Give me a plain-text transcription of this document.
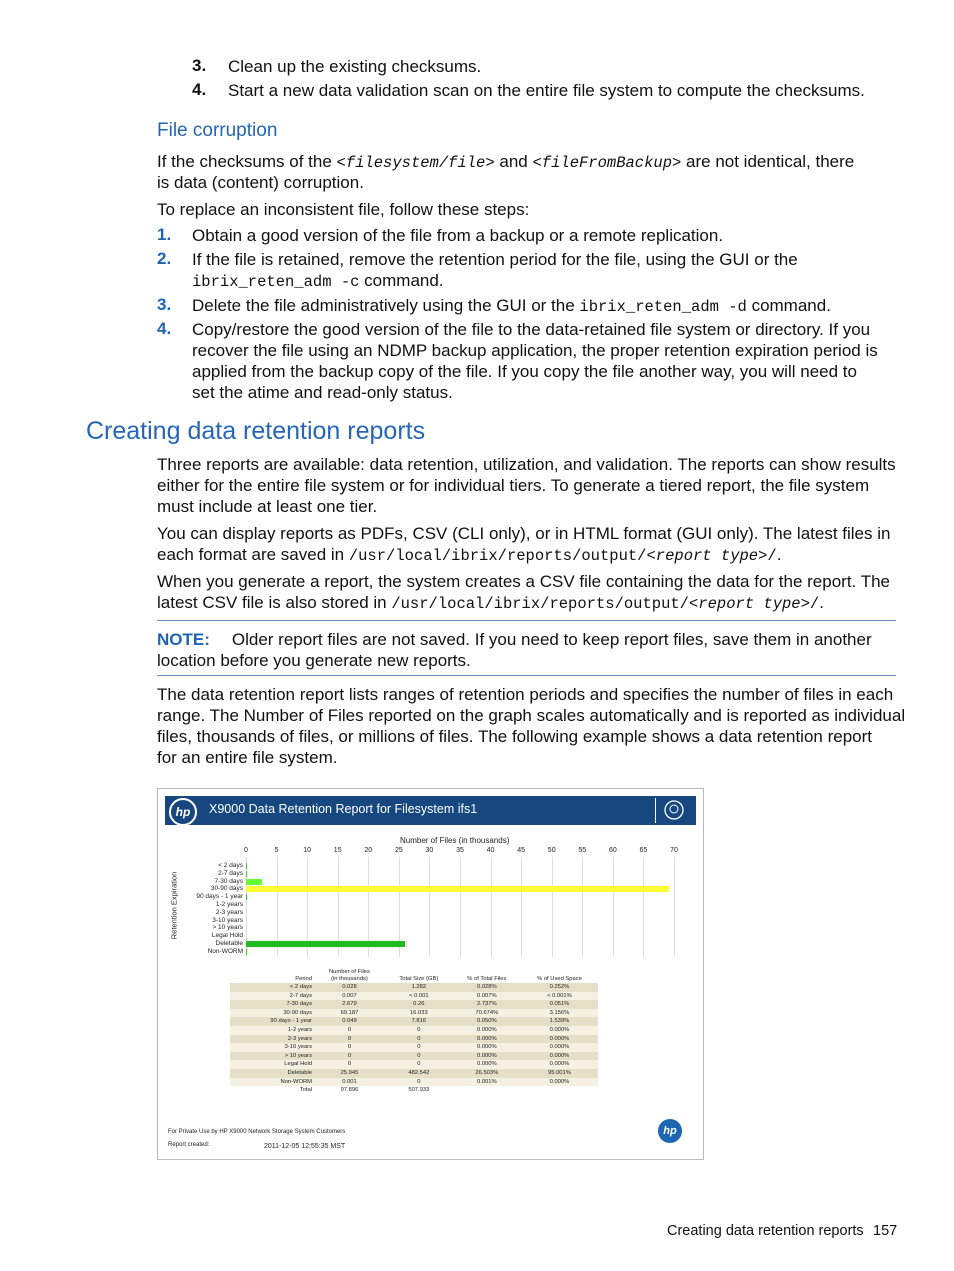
3. Clean up the existing checksums.
4. Start a new data validation scan on the entire file system to compute the checksums.
File corruption
If the checksums of the <filesystem/file> and <fileFromBackup> are not identical, there
is data (content) corruption.
To replace an inconsistent file, follow these steps:
1. Obtain a good version of the file from a backup or a remote replication.
2. If the file is retained, remove the retention period for the file, using the GUI or the
ibrix_reten_adm -c command.
3. Delete the file administratively using the GUI or the ibrix_reten_adm -d command.
4. Copy/restore the good version of the file to the data-retained file system or directory. If you
recover the file using an NDMP backup application, the proper retention expiration period is
applied from the backup copy of the file. If you copy the file another way, you will need to
set the atime and read-only status.
Creating data retention reports
Three reports are available: data retention, utilization, and validation. The reports can show results
either for the entire file system or for individual tiers. To generate a tiered report, the file system
must include at least one tier.
You can display reports as PDFs, CSV (CLI only), or in HTML format (GUI only). The latest files in
each format are saved in /usr/local/ibrix/reports/output/<report type>/.
When you generate a report, the system creates a CSV file containing the data for the report. The
latest CSV file is also stored in /usr/local/ibrix/reports/output/<report type>/.
NOTE: Older report files are not saved. If you need to keep report files, save them in another
location before you generate new reports.
The data retention report lists ranges of retention periods and specifies the number of files in each
range. The Number of Files reported on the graph scales automatically and is reported as individual
files, thousands of files, or millions of files. The following example shows a data retention report
for an entire file system.
hp	X9000 Data Retention Report for Filesystem ifs1
Number of Files (in thousands)
Retention Expiration
0	5	10	15	20	25	30	35	40	45	50	55	60	65	70
< 2 days
2-7 days
7-30 days
30-90 days
90 days - 1 year
1-2 years
2-3 years
3-10 years
> 10 years
Legal Hold
Deletable
Non-WORM
Period	Number of Files
(in thousands)	Total Size (GB)	% of Total Files	% of Used Space
< 2 days	0.028	1.282	0.028%	0.252%
2-7 days	0.007	< 0.001	0.007%	< 0.001%
7-30 days	2.679	0.26	2.737%	0.051%
30-90 days	69.187	16.033	70.674%	3.156%
90 days - 1 year	0.049	7.816	0.050%	1.539%
1-2 years	0	0	0.000%	0.000%
2-3 years	0	0	0.000%	0.000%
3-10 years	0	0	0.000%	0.000%
> 10 years	0	0	0.000%	0.000%
Legal Hold	0	0	0.000%	0.000%
Deletable	25.945	482.542	26.503%	95.001%
Non-WORM	0.001	0	0.001%	0.000%
Total	97.896	507.933		
For Private Use by HP X9000 Network Storage System Customers
Report created:	2011-12-05 12:55:35 MST
hp
Creating data retention reports 157
